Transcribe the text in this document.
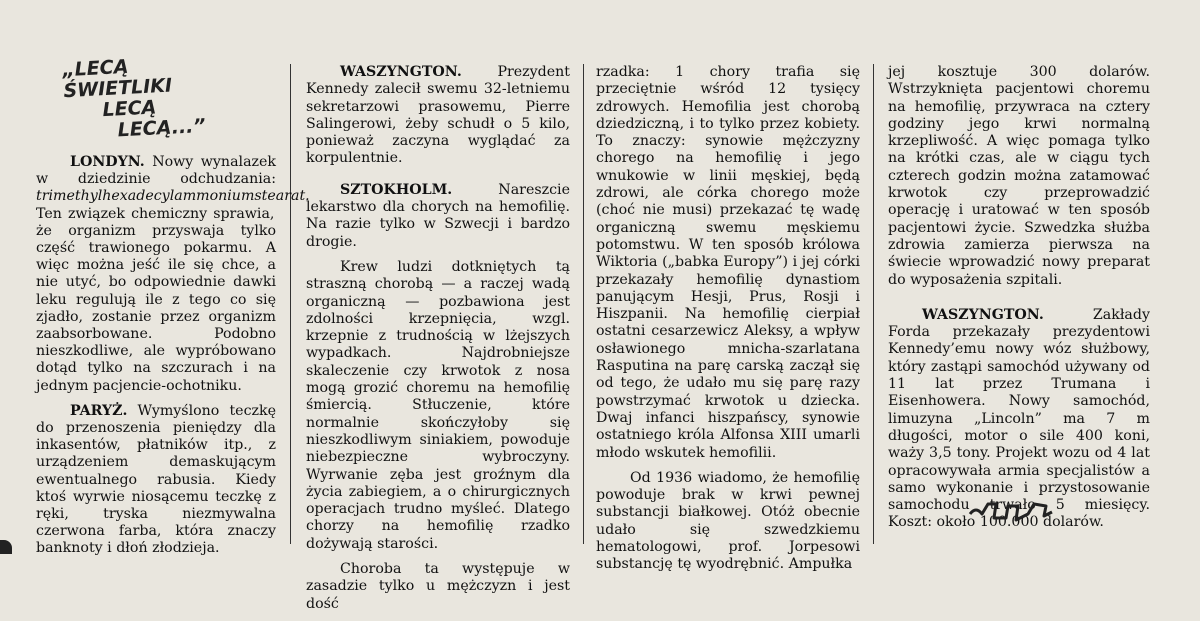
„LECĄ ŚWIETLIKI
LECĄ
LECĄ...”

LONDYN. Nowy wynalazek w dziedzinie odchudzania: trimethylhexadecylammoniumstearat. Ten związek chemiczny sprawia, że organizm przyswaja tylko część trawionego pokarmu. A więc można jeść ile się chce, a nie utyć, bo odpowiednie dawki leku regulują ile z tego co się zjadło, zostanie przez organizm zaabsorbowane. Podobno nieszkodliwe, ale wypróbowano dotąd tylko na szczurach i na jednym pacjencie-ochotniku.

PARYŻ. Wymyślono teczkę do przenoszenia pieniędzy dla inkasentów, płatników itp., z urządzeniem demaskującym ewentualnego rabusia. Kiedy ktoś wyrwie niosącemu teczkę z ręki, tryska niezmywalna czerwona farba, która znaczy banknoty i dłoń złodzieja.

WASZYNGTON. Prezydent Kennedy zalecił swemu 32-letniemu sekretarzowi prasowemu, Pierre Salingerowi, żeby schudł o 5 kilo, ponieważ zaczyna wyglądać za korpulentnie.

SZTOKHOLM. Nareszcie lekarstwo dla chorych na hemofilię. Na razie tylko w Szwecji i bardzo drogie.

Krew ludzi dotkniętych tą straszną chorobą — a raczej wadą organiczną — pozbawiona jest zdolności krzepnięcia, wzgl. krzepnie z trudnością w lżejszych wypadkach. Najdrobniejsze skaleczenie czy krwotok z nosa mogą grozić choremu na hemofilię śmiercią. Stłuczenie, które normalnie skończyłoby się nieszkodliwym siniakiem, powoduje niebezpieczne wybroczyny. Wyrwanie zęba jest groźnym dla życia zabiegiem, a o chirurgicznych operacjach trudno myśleć. Dlatego chorzy na hemofilię rzadko dożywają starości.

Choroba ta występuje w zasadzie tylko u mężczyzn i jest dość

rzadka: 1 chory trafia się przeciętnie wśród 12 tysięcy zdrowych. Hemofilia jest chorobą dziedziczną, i to tylko przez kobiety. To znaczy: synowie mężczyzny chorego na hemofilię i jego wnukowie w linii męskiej, będą zdrowi, ale córka chorego może (choć nie musi) przekazać tę wadę organiczną swemu męskiemu potomstwu. W ten sposób królowa Wiktoria („babka Europy”) i jej córki przekazały hemofilię dynastiom panującym Hesji, Prus, Rosji i Hiszpanii. Na hemofilię cierpiał ostatni cesarzewicz Aleksy, a wpływ osławionego mnicha-szarlatana Rasputina na parę carską zaczął się od tego, że udało mu się parę razy powstrzymać krwotok u dziecka. Dwaj infanci hiszpańscy, synowie ostatniego króla Alfonsa XIII umarli młodo wskutek hemofilii.

Od 1936 wiadomo, że hemofilię powoduje brak w krwi pewnej substancji białkowej. Otóż obecnie udało się szwedzkiemu hematologowi, prof. Jorpesowi substancję tę wyodrębnić. Ampułka

jej kosztuje 300 dolarów. Wstrzyknięta pacjentowi choremu na hemofilię, przywraca na cztery godziny jego krwi normalną krzepliwość. A więc pomaga tylko na krótki czas, ale w ciągu tych czterech godzin można zatamować krwotok czy przeprowadzić operację i uratować w ten sposób pacjentowi życie. Szwedzka służba zdrowia zamierza pierwsza na świecie wprowadzić nowy preparat do wyposażenia szpitali.

WASZYNGTON. Zakłady Forda przekazały prezydentowi Kennedy’emu nowy wóz służbowy, który zastąpi samochód używany od 11 lat przez Trumana i Eisenhowera. Nowy samochód, limuzyna „Lincoln” ma 7 m długości, motor o sile 400 koni, waży 3,5 tony. Projekt wozu od 4 lat opracowywała armia specjalistów a samo wykonanie i przystosowanie samochodu trwało 5 miesięcy. Koszt: około 100.000 dolarów.
